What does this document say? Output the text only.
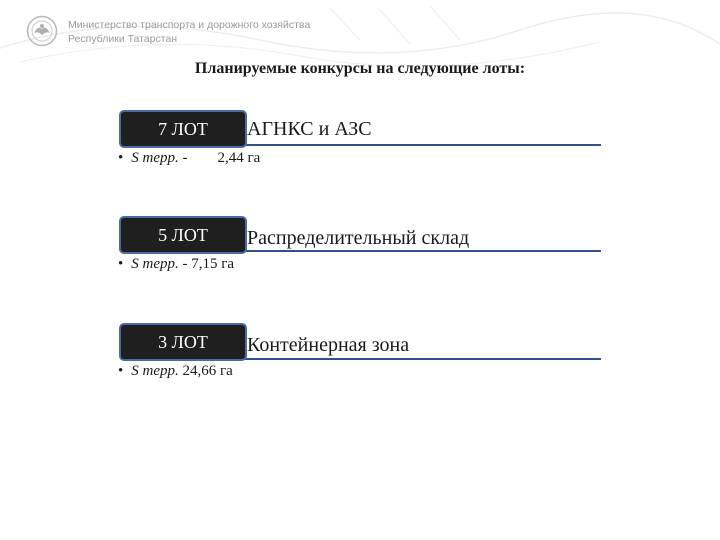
Министерство транспорта и дорожного хозяйства
Республики Татарстан
Планируемые конкурсы на следующие лоты:
7 ЛОТ	АГНКС и АЗС
• S терр. - 2,44 га
5 ЛОТ	Распределительный склад
• S терр. - 7,15 га
3 ЛОТ	Контейнерная зона
• S терр. 24,66 га
